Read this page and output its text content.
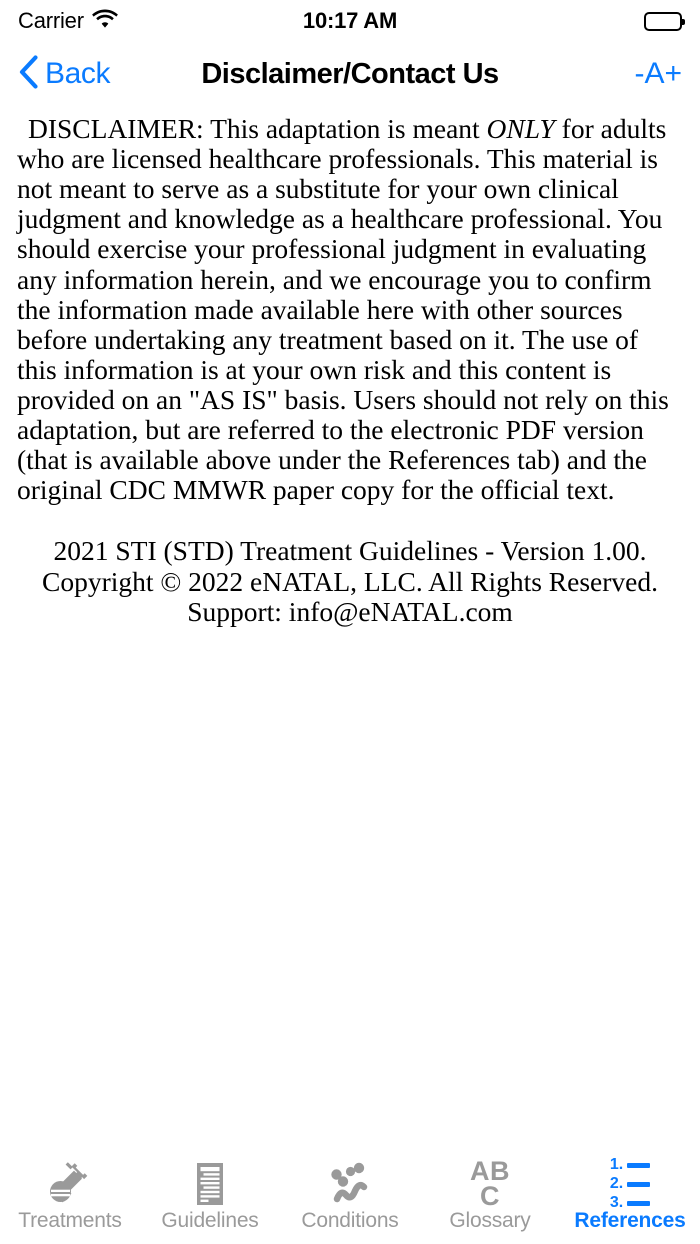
Carrier	10:17 AM
Back	Disclaimer/Contact Us	-A+

DISCLAIMER: This adaptation is meant ONLY for adults who are licensed healthcare professionals. This material is not meant to serve as a substitute for your own clinical judgment and knowledge as a healthcare professional. You should exercise your professional judgment in evaluating any information herein, and we encourage you to confirm the information made available here with other sources before undertaking any treatment based on it. The use of this information is at your own risk and this content is provided on an "AS IS" basis. Users should not rely on this adaptation, but are referred to the electronic PDF version (that is available above under the References tab) and the original CDC MMWR paper copy for the official text.

2021 STI (STD) Treatment Guidelines - Version 1.00.
Copyright © 2022 eNATAL, LLC. All Rights Reserved.
Support: info@eNATAL.com
Treatments Guidelines Conditions
AB
C
Glossary
1.
2.
3.
References
